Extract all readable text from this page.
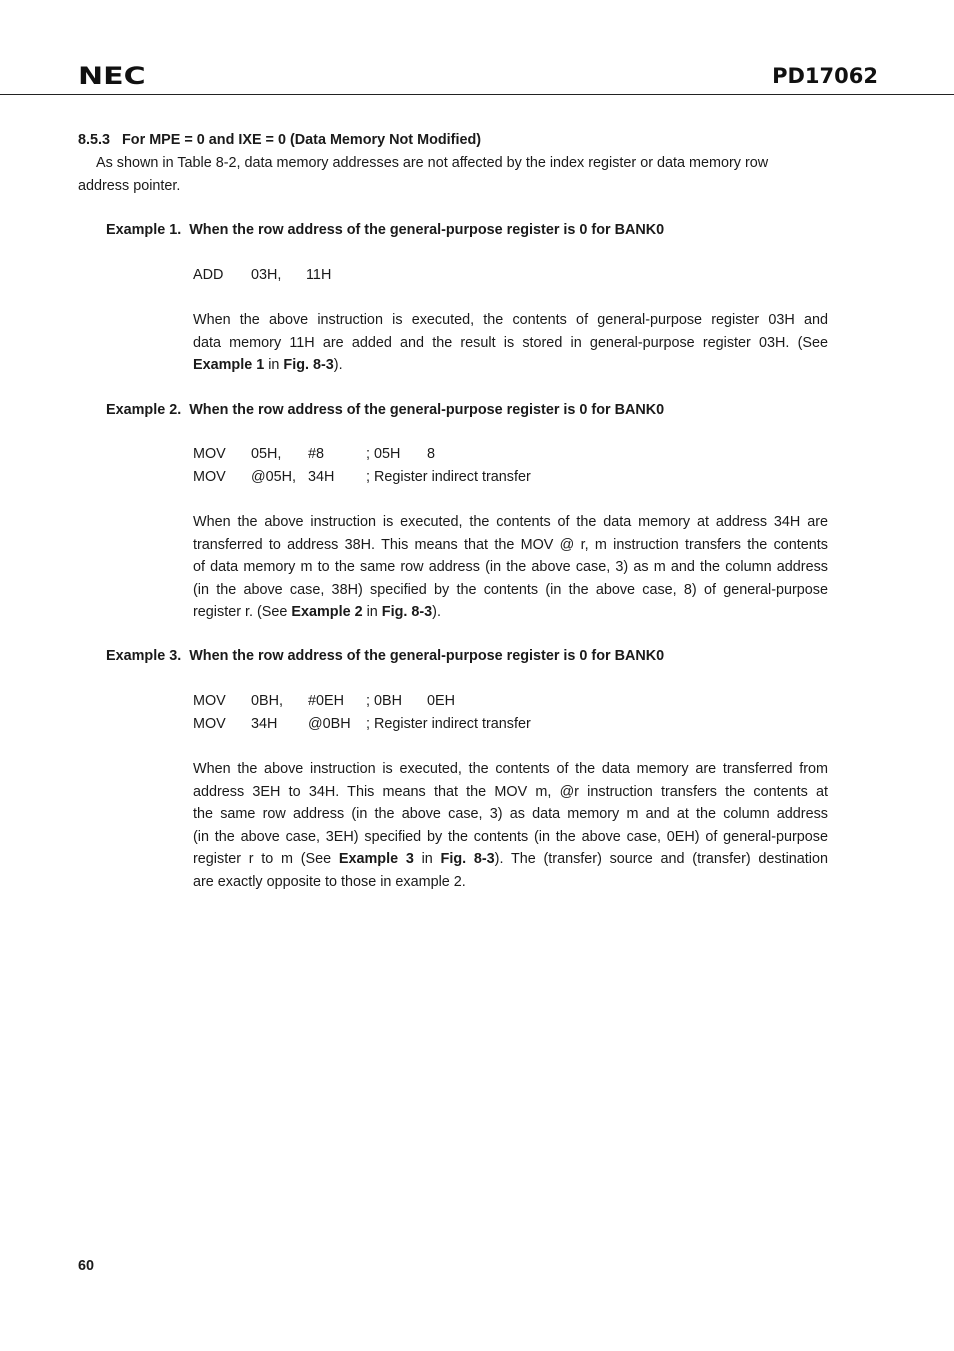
NEC	PD17062
8.5.3 For MPE = 0 and IXE = 0 (Data Memory Not Modified)
As shown in Table 8-2, data memory addresses are not affected by the index register or data memory row
address pointer.
Example 1. When the row address of the general-purpose register is 0 for BANK0
ADD 03H, 11H
When the above instruction is executed, the contents of general-purpose register 03H and
data memory 11H are added and the result is stored in general-purpose register 03H. (See
Example 1 in Fig. 8-3).
Example 2. When the row address of the general-purpose register is 0 for BANK0
MOV 05H, #8	; 05H 8
MOV @05H, 34H ; Register indirect transfer
When the above instruction is executed, the contents of the data memory at address 34H are
transferred to address 38H. This means that the MOV @ r, m instruction transfers the contents
of data memory m to the same row address (in the above case, 3) as m and the column address
(in the above case, 38H) specified by the contents (in the above case, 8) of general-purpose
register r. (See Example 2 in Fig. 8-3).
Example 3. When the row address of the general-purpose register is 0 for BANK0
MOV 0BH, #0EH ; 0BH 0EH
MOV 34H @0BH ; Register indirect transfer
When the above instruction is executed, the contents of the data memory are transferred from
address 3EH to 34H. This means that the MOV m, @r instruction transfers the contents at
the same row address (in the above case, 3) as data memory m and at the column address
(in the above case, 3EH) specified by the contents (in the above case, 0EH) of general-purpose
register r to m (See Example 3 in Fig. 8-3). The (transfer) source and (transfer) destination
are exactly opposite to those in example 2.
60
